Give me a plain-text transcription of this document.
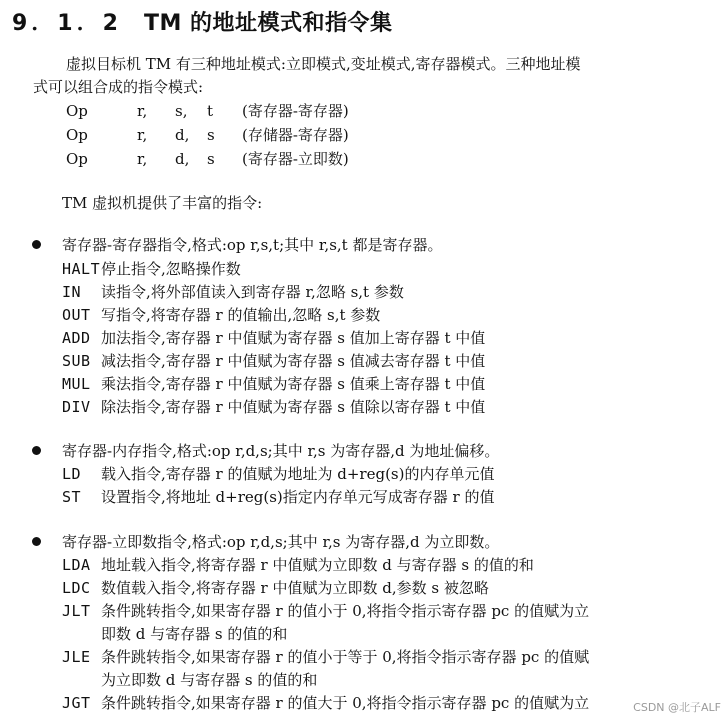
9．1．2 TM 的地址模式和指令集
虚拟目标机 TM 有三种地址模式:立即模式,变址模式,寄存器模式。三种地址模
式可以组合成的指令模式:
Op	r, s, t (寄存器-寄存器)
Op	r, d, s (存储器-寄存器)
Op	r, d, s (寄存器-立即数)
TM 虚拟机提供了丰富的指令:
寄存器-寄存器指令,格式:op r,s,t;其中 r,s,t 都是寄存器。
HALT 停止指令,忽略操作数
IN 读指令,将外部值读入到寄存器 r,忽略 s,t 参数
OUT 写指令,将寄存器 r 的值输出,忽略 s,t 参数
ADD 加法指令,寄存器 r 中值赋为寄存器 s 值加上寄存器 t 中值
SUB 减法指令,寄存器 r 中值赋为寄存器 s 值减去寄存器 t 中值
MUL 乘法指令,寄存器 r 中值赋为寄存器 s 值乘上寄存器 t 中值
DIV 除法指令,寄存器 r 中值赋为寄存器 s 值除以寄存器 t 中值
寄存器-内存指令,格式:op r,d,s;其中 r,s 为寄存器,d 为地址偏移。
LD 载入指令,寄存器 r 的值赋为地址为 d+reg(s)的内存单元值
ST 设置指令,将地址 d+reg(s)指定内存单元写成寄存器 r 的值
寄存器-立即数指令,格式:op r,d,s;其中 r,s 为寄存器,d 为立即数。
LDA 地址载入指令,将寄存器 r 中值赋为立即数 d 与寄存器 s 的值的和
LDC 数值载入指令,将寄存器 r 中值赋为立即数 d,参数 s 被忽略
JLT 条件跳转指令,如果寄存器 r 的值小于 0,将指令指示寄存器 pc 的值赋为立
即数 d 与寄存器 s 的值的和
JLE 条件跳转指令,如果寄存器 r 的值小于等于 0,将指令指示寄存器 pc 的值赋
为立即数 d 与寄存器 s 的值的和
JGT 条件跳转指令,如果寄存器 r 的值大于 0,将指令指示寄存器 pc 的值赋为立	CSDN @北子ALF
